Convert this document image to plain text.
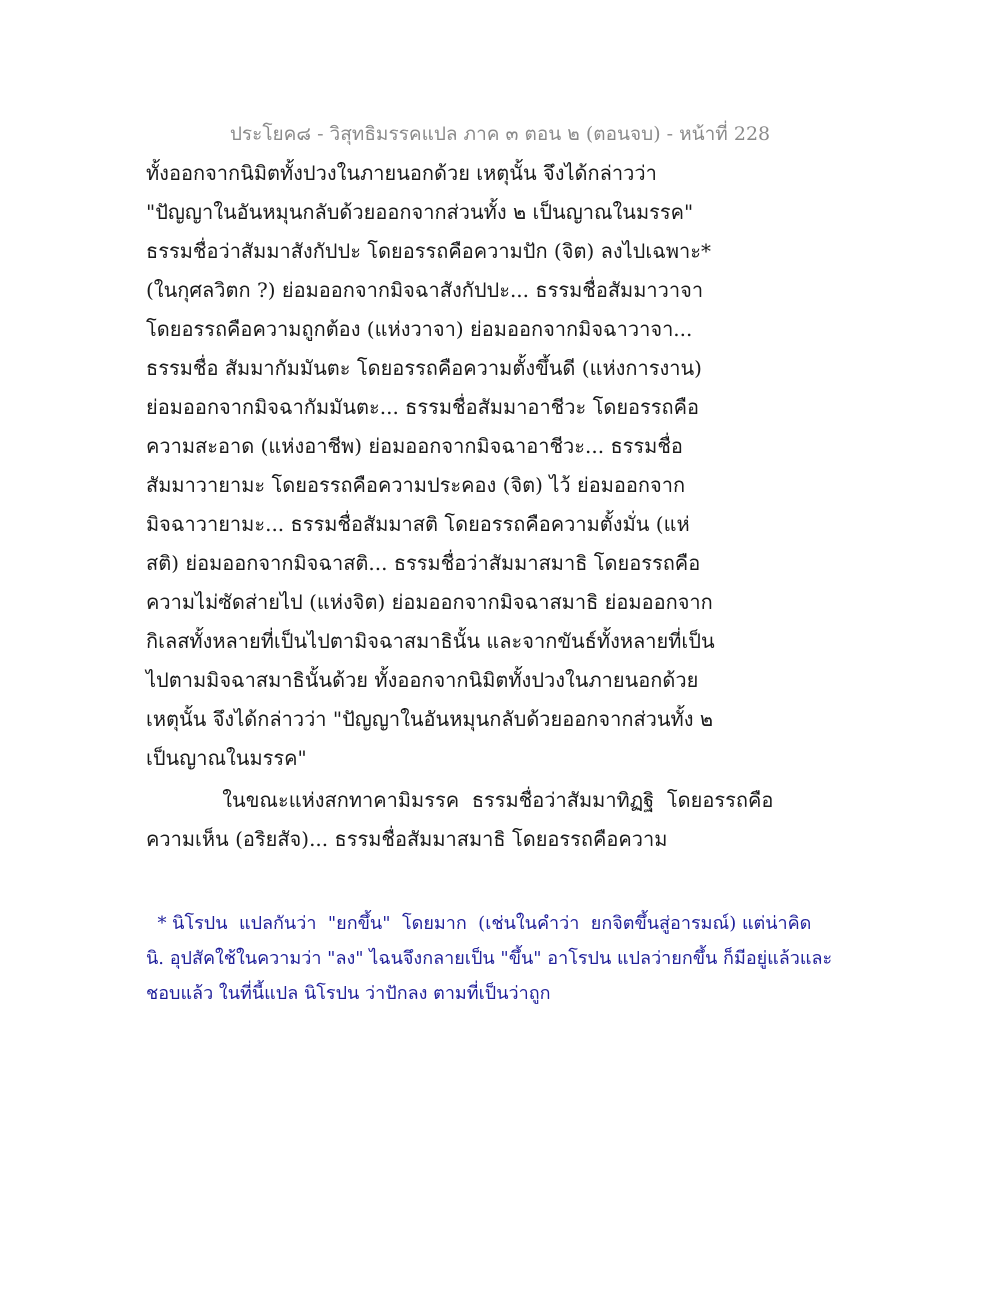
ประโยค๘ - วิสุทธิมรรคแปล ภาค ๓ ตอน ๒ (ตอนจบ) - หน้าที่ 228
ทั้งออกจากนิมิตทั้งปวงในภายนอกด้วย เหตุนั้น จึงได้กล่าวว่า
"ปัญญาในอันหมุนกลับด้วยออกจากส่วนทั้ง ๒ เป็นญาณในมรรค"
ธรรมชื่อว่าสัมมาสังกัปปะ โดยอรรถคือความปัก (จิต) ลงไปเฉพาะ*
(ในกุศลวิตก ?) ย่อมออกจากมิจฉาสังกัปปะ... ธรรมชื่อสัมมาวาจา
โดยอรรถคือความถูกต้อง (แห่งวาจา) ย่อมออกจากมิจฉาวาจา...
ธรรมชื่อ สัมมากัมมันตะ โดยอรรถคือความตั้งขึ้นดี (แห่งการงาน)
ย่อมออกจากมิจฉากัมมันตะ... ธรรมชื่อสัมมาอาชีวะ โดยอรรถคือ
ความสะอาด (แห่งอาชีพ) ย่อมออกจากมิจฉาอาชีวะ... ธรรมชื่อ
สัมมาวายามะ โดยอรรถคือความประคอง (จิต) ไว้ ย่อมออกจาก
มิจฉาวายามะ... ธรรมชื่อสัมมาสติ โดยอรรถคือความตั้งมั่น (แห่
สติ) ย่อมออกจากมิจฉาสติ... ธรรมชื่อว่าสัมมาสมาธิ โดยอรรถคือ
ความไม่ซัดส่ายไป (แห่งจิต) ย่อมออกจากมิจฉาสมาธิ ย่อมออกจาก
กิเลสทั้งหลายที่เป็นไปตามิจฉาสมาธินั้น และจากขันธ์ทั้งหลายที่เป็น
ไปตามมิจฉาสมาธินั้นด้วย ทั้งออกจากนิมิตทั้งปวงในภายนอกด้วย
เหตุนั้น จึงได้กล่าวว่า "ปัญญาในอันหมุนกลับด้วยออกจากส่วนทั้ง ๒
เป็นญาณในมรรค"
ในขณะแห่งสกทาคามิมรรค  ธรรมชื่อว่าสัมมาทิฏฐิ  โดยอรรถคือ
ความเห็น (อริยสัจ)... ธรรมชื่อสัมมาสมาธิ โดยอรรถคือความ
* นิโรปน  แปลกันว่า  "ยกขึ้น"  โดยมาก  (เช่นในคำว่า  ยกจิตขึ้นสู่อารมณ์) แต่น่าคิด
นิ. อุปสัคใช้ในความว่า "ลง" ไฉนจึงกลายเป็น "ขึ้น" อาโรปน แปลว่ายกขึ้น ก็มีอยู่แล้วและ
ชอบแล้ว ในที่นี้แปล นิโรปน ว่าปักลง ตามที่เป็นว่าถูก
